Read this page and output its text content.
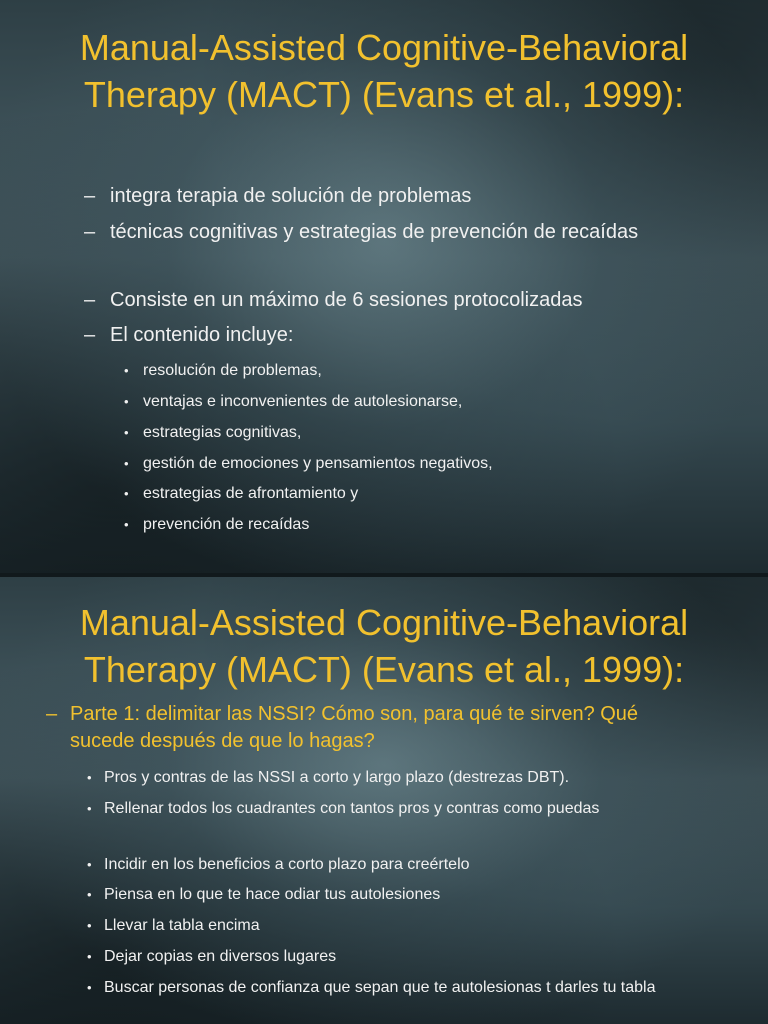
Manual-Assisted Cognitive-Behavioral
Therapy (MACT) (Evans et al., 1999):
– integra terapia de solución de problemas
– técnicas cognitivas y estrategias de prevención de recaídas
– Consiste en un máximo de 6 sesiones protocolizadas
– El contenido incluye:
• resolución de problemas,
• ventajas e inconvenientes de autolesionarse,
• estrategias cognitivas,
• gestión de emociones y pensamientos negativos,
• estrategias de afrontamiento y
• prevención de recaídas
Manual-Assisted Cognitive-Behavioral
Therapy (MACT) (Evans et al., 1999):
– Parte 1: delimitar las NSSI? Cómo son, para qué te sirven? Qué sucede después de que lo hagas?
• Pros y contras de las NSSI a corto y largo plazo (destrezas DBT).
• Rellenar todos los cuadrantes con tantos pros y contras como puedas
• Incidir en los beneficios a corto plazo para creértelo
• Piensa en lo que te hace odiar tus autolesiones
• Llevar la tabla encima
• Dejar copias en diversos lugares
• Buscar personas de confianza que sepan que te autolesionas t darles tu tabla
